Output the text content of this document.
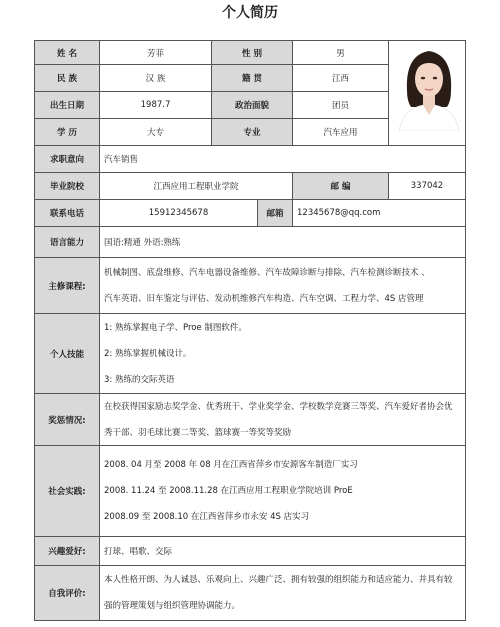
个人简历
姓 名	芳菲	性 别	男
民 族	汉 族	籍 贯	江西
出生日期	1987.7	政治面貌	团员
学 历	大专	专业	汽车应用
求职意向	汽车销售
毕业院校	江西应用工程职业学院	邮 编	337042
联系电话	15912345678	邮箱	12345678@qq.com
语言能力	国语:精通 外语:熟练
主修课程:
机械制图、底盘维修、汽车电器设备维修、汽车故障诊断与排除、汽车检测诊断技术 、
汽车英语、旧车鉴定与评估、发动机维修汽车构造、汽车空调、工程力学、4S 店管理
个人技能
1: 熟练掌握电子学、Proe 制图软件。
2: 熟练掌握机械设计。
3: 熟练的交际英语
奖惩情况:
在校获得国家励志奖学金、优秀班干、学业奖学金、学校数学竞赛三等奖、汽车爱好者协会优
秀干部、羽毛球比赛二等奖、篮球赛一等奖等奖励
社会实践:
2008. 04 月至 2008 年 08 月在江西省萍乡市安源客车制造厂实习
2008. 11.24 至 2008.11.28 在江西应用工程职业学院培训 ProE
2008.09 至 2008.10 在江西省萍乡市永安 4S 店实习
兴趣爱好:	打球、唱歌、交际
自我评价:
本人性格开朗、为人诚恳、乐观向上、兴趣广泛、拥有较强的组织能力和适应能力、并具有较
强的管理策划与组织管理协调能力。
